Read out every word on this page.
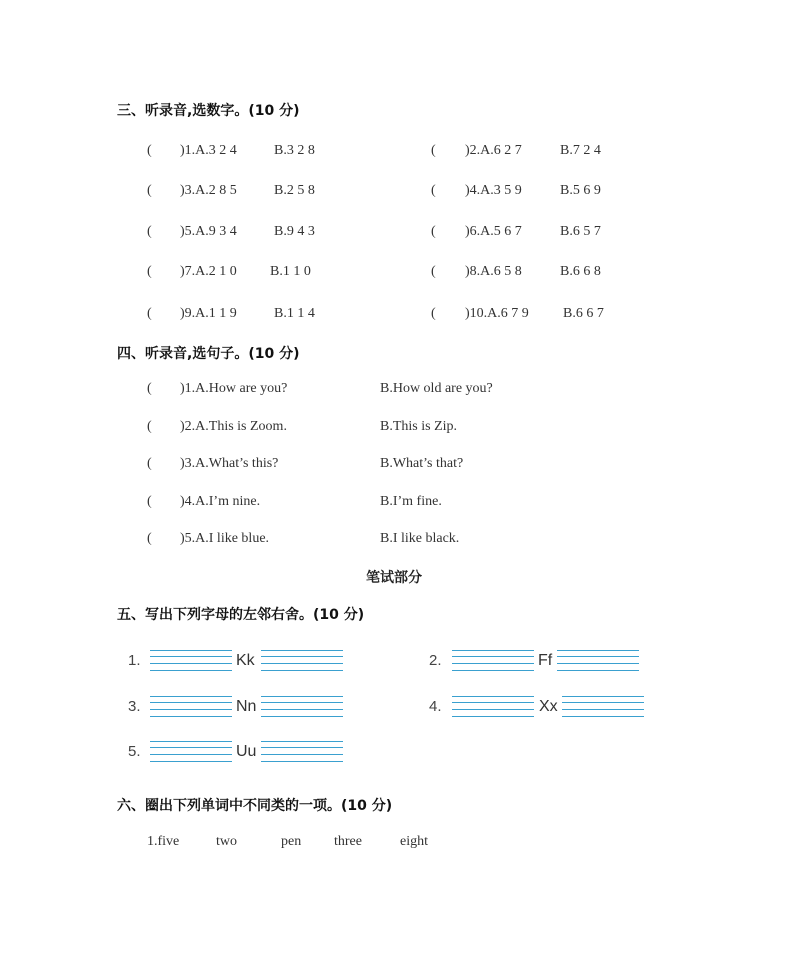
三、听录音,选数字。(10 分)
( )1.A.3 2 4	B.3 2 8	( )2.A.6 2 7	B.7 2 4
( )3.A.2 8 5	B.2 5 8	( )4.A.3 5 9	B.5 6 9
( )5.A.9 3 4	B.9 4 3	( )6.A.5 6 7	B.6 5 7
( )7.A.2 1 0 B.1 1 0	( )8.A.6 5 8	B.6 6 8
( )9.A.1 1 9	B.1 1 4	( )10.A.6 7 9 B.6 6 7
四、听录音,选句子。(10 分)
( )1.A.How are you?	B.How old are you?
( )2.A.This is Zoom.	B.This is Zip.
( )3.A.What’s this?	B.What’s that?
( )4.A.I’m nine.	B.I’m fine.
( )5.A.I like blue.	B.I like black.
笔试部分
五、写出下列字母的左邻右舍。(10 分)
1.	Kk	2.	Ff
3.	Nn	4.	Xx
5.	Uu
六、圈出下列单词中不同类的一项。(10 分)
1.five	two	pen three	eight
